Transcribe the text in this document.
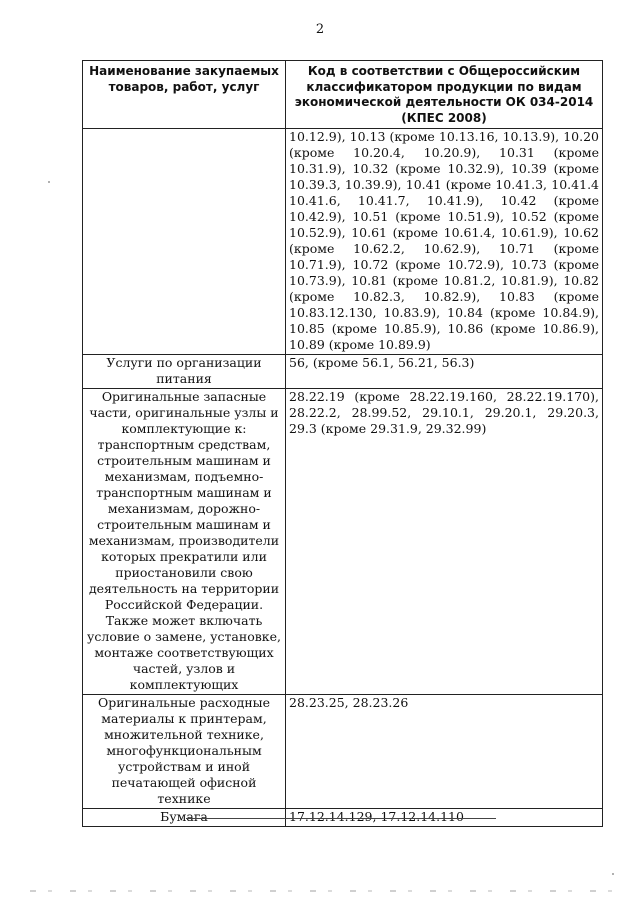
2
Наименование закупаемых товаров, работ, услуг	Код в соответствии с Общероссийским классификатором продукции по видам экономической деятельности ОК 034-2014 (КПЕС 2008)
	10.12.9), 10.13 (кроме 10.13.16, 10.13.9), 10.20 (кроме 10.20.4, 10.20.9), 10.31 (кроме 10.31.9), 10.32 (кроме 10.32.9), 10.39 (кроме 10.39.3, 10.39.9), 10.41 (кроме 10.41.3, 10.41.4 10.41.6, 10.41.7, 10.41.9), 10.42 (кроме 10.42.9), 10.51 (кроме 10.51.9), 10.52 (кроме 10.52.9), 10.61 (кроме 10.61.4, 10.61.9), 10.62 (кроме 10.62.2, 10.62.9), 10.71 (кроме 10.71.9), 10.72 (кроме 10.72.9), 10.73 (кроме 10.73.9), 10.81 (кроме 10.81.2, 10.81.9), 10.82 (кроме 10.82.3, 10.82.9), 10.83 (кроме 10.83.12.130, 10.83.9), 10.84 (кроме 10.84.9), 10.85 (кроме 10.85.9), 10.86 (кроме 10.86.9), 10.89 (кроме 10.89.9)
Услуги по организации питания	56, (кроме 56.1, 56.21, 56.3)
Оригинальные запасные части, оригинальные узлы и комплектующие к: транспортным средствам, строительным машинам и механизмам, подъемно-транспортным машинам и механизмам, дорожно-строительным машинам и механизмам, производители которых прекратили или приостановили свою деятельность на территории Российской Федерации. Также может включать условие о замене, установке, монтаже соответствующих частей, узлов и комплектующих	28.22.19 (кроме 28.22.19.160, 28.22.19.170), 28.22.2, 28.99.52, 29.10.1, 29.20.1, 29.20.3, 29.3 (кроме 29.31.9, 29.32.99)
Оригинальные расходные материалы к принтерам, множительной технике, многофункциональным устройствам и иной печатающей офисной технике	28.23.25, 28.23.26
Бумага	17.12.14.129, 17.12.14.110
